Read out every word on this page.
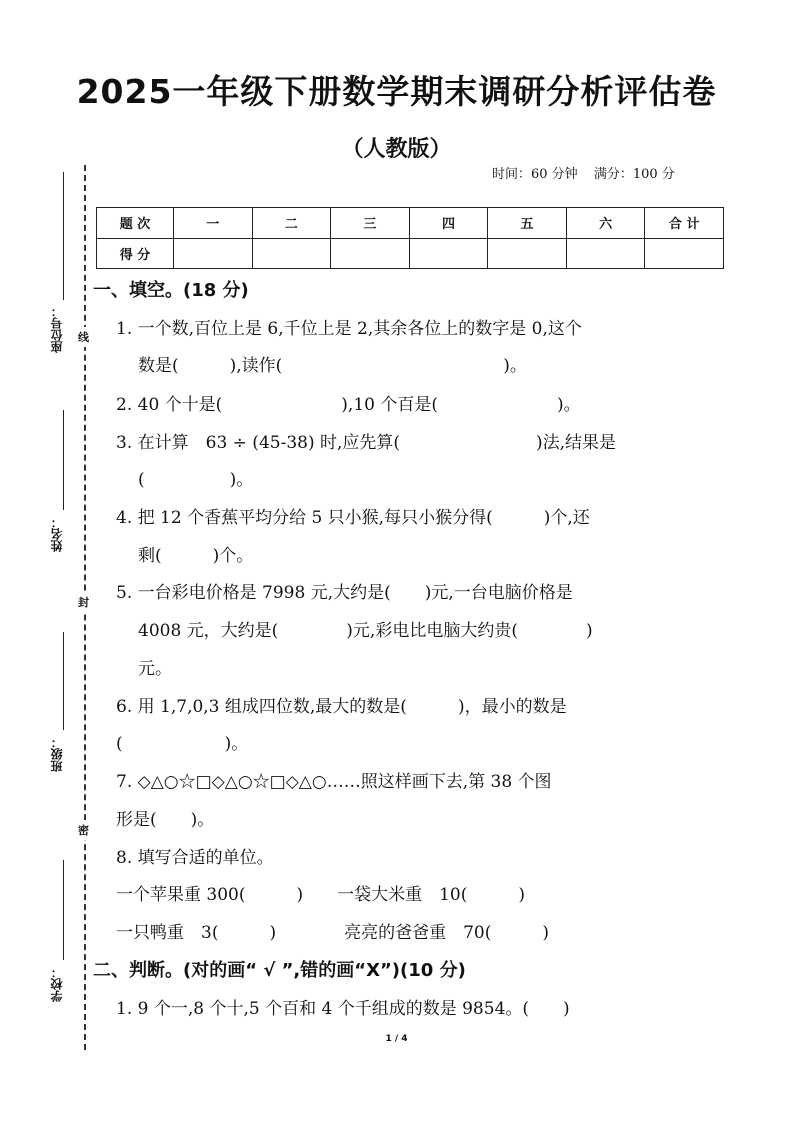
2025一年级下册数学期末调研分析评估卷
（人教版）
时间：60 分钟 满分：100 分
座位号：
姓名：
班级：
学校：
线
封
密
题 次	一	二	三	四	五	六	合 计
得 分							
一、填空。(18 分)
1. 一个数,百位上是 6,千位上是 2,其余各位上的数字是 0,这个
数是(　　　),读作(　　　　　　　　　　　　　)。
2. 40 个十是(　　　　　　　),10 个百是(　　　　　　　)。
3. 在计算　63 ÷ (45-38) 时,应先算(　　　　　　　　)法,结果是
(　　　　　)。
4. 把 12 个香蕉平均分给 5 只小猴,每只小猴分得(　　　)个,还
剩(　　　)个。
5. 一台彩电价格是 7998 元,大约是(　　)元,一台电脑价格是
4008 元，大约是(　　　　)元,彩电比电脑大约贵(　　　　)
元。
6. 用 1,7,0,3 组成四位数,最大的数是(　　　)，最小的数是
(　　　　　　)。
7. ◇△○☆□◇△○☆□◇△○……照这样画下去,第 38 个图
形是(　　)。
8. 填写合适的单位。
一个苹果重 300(　　　)　　一袋大米重　10(　　　)
一只鸭重　3(　　　)　　　　亮亮的爸爸重　70(　　　)
二、判断。(对的画“ √ ”,错的画“X”)(10 分)
1. 9 个一,8 个十,5 个百和 4 个千组成的数是 9854。(　　)
1 / 4
